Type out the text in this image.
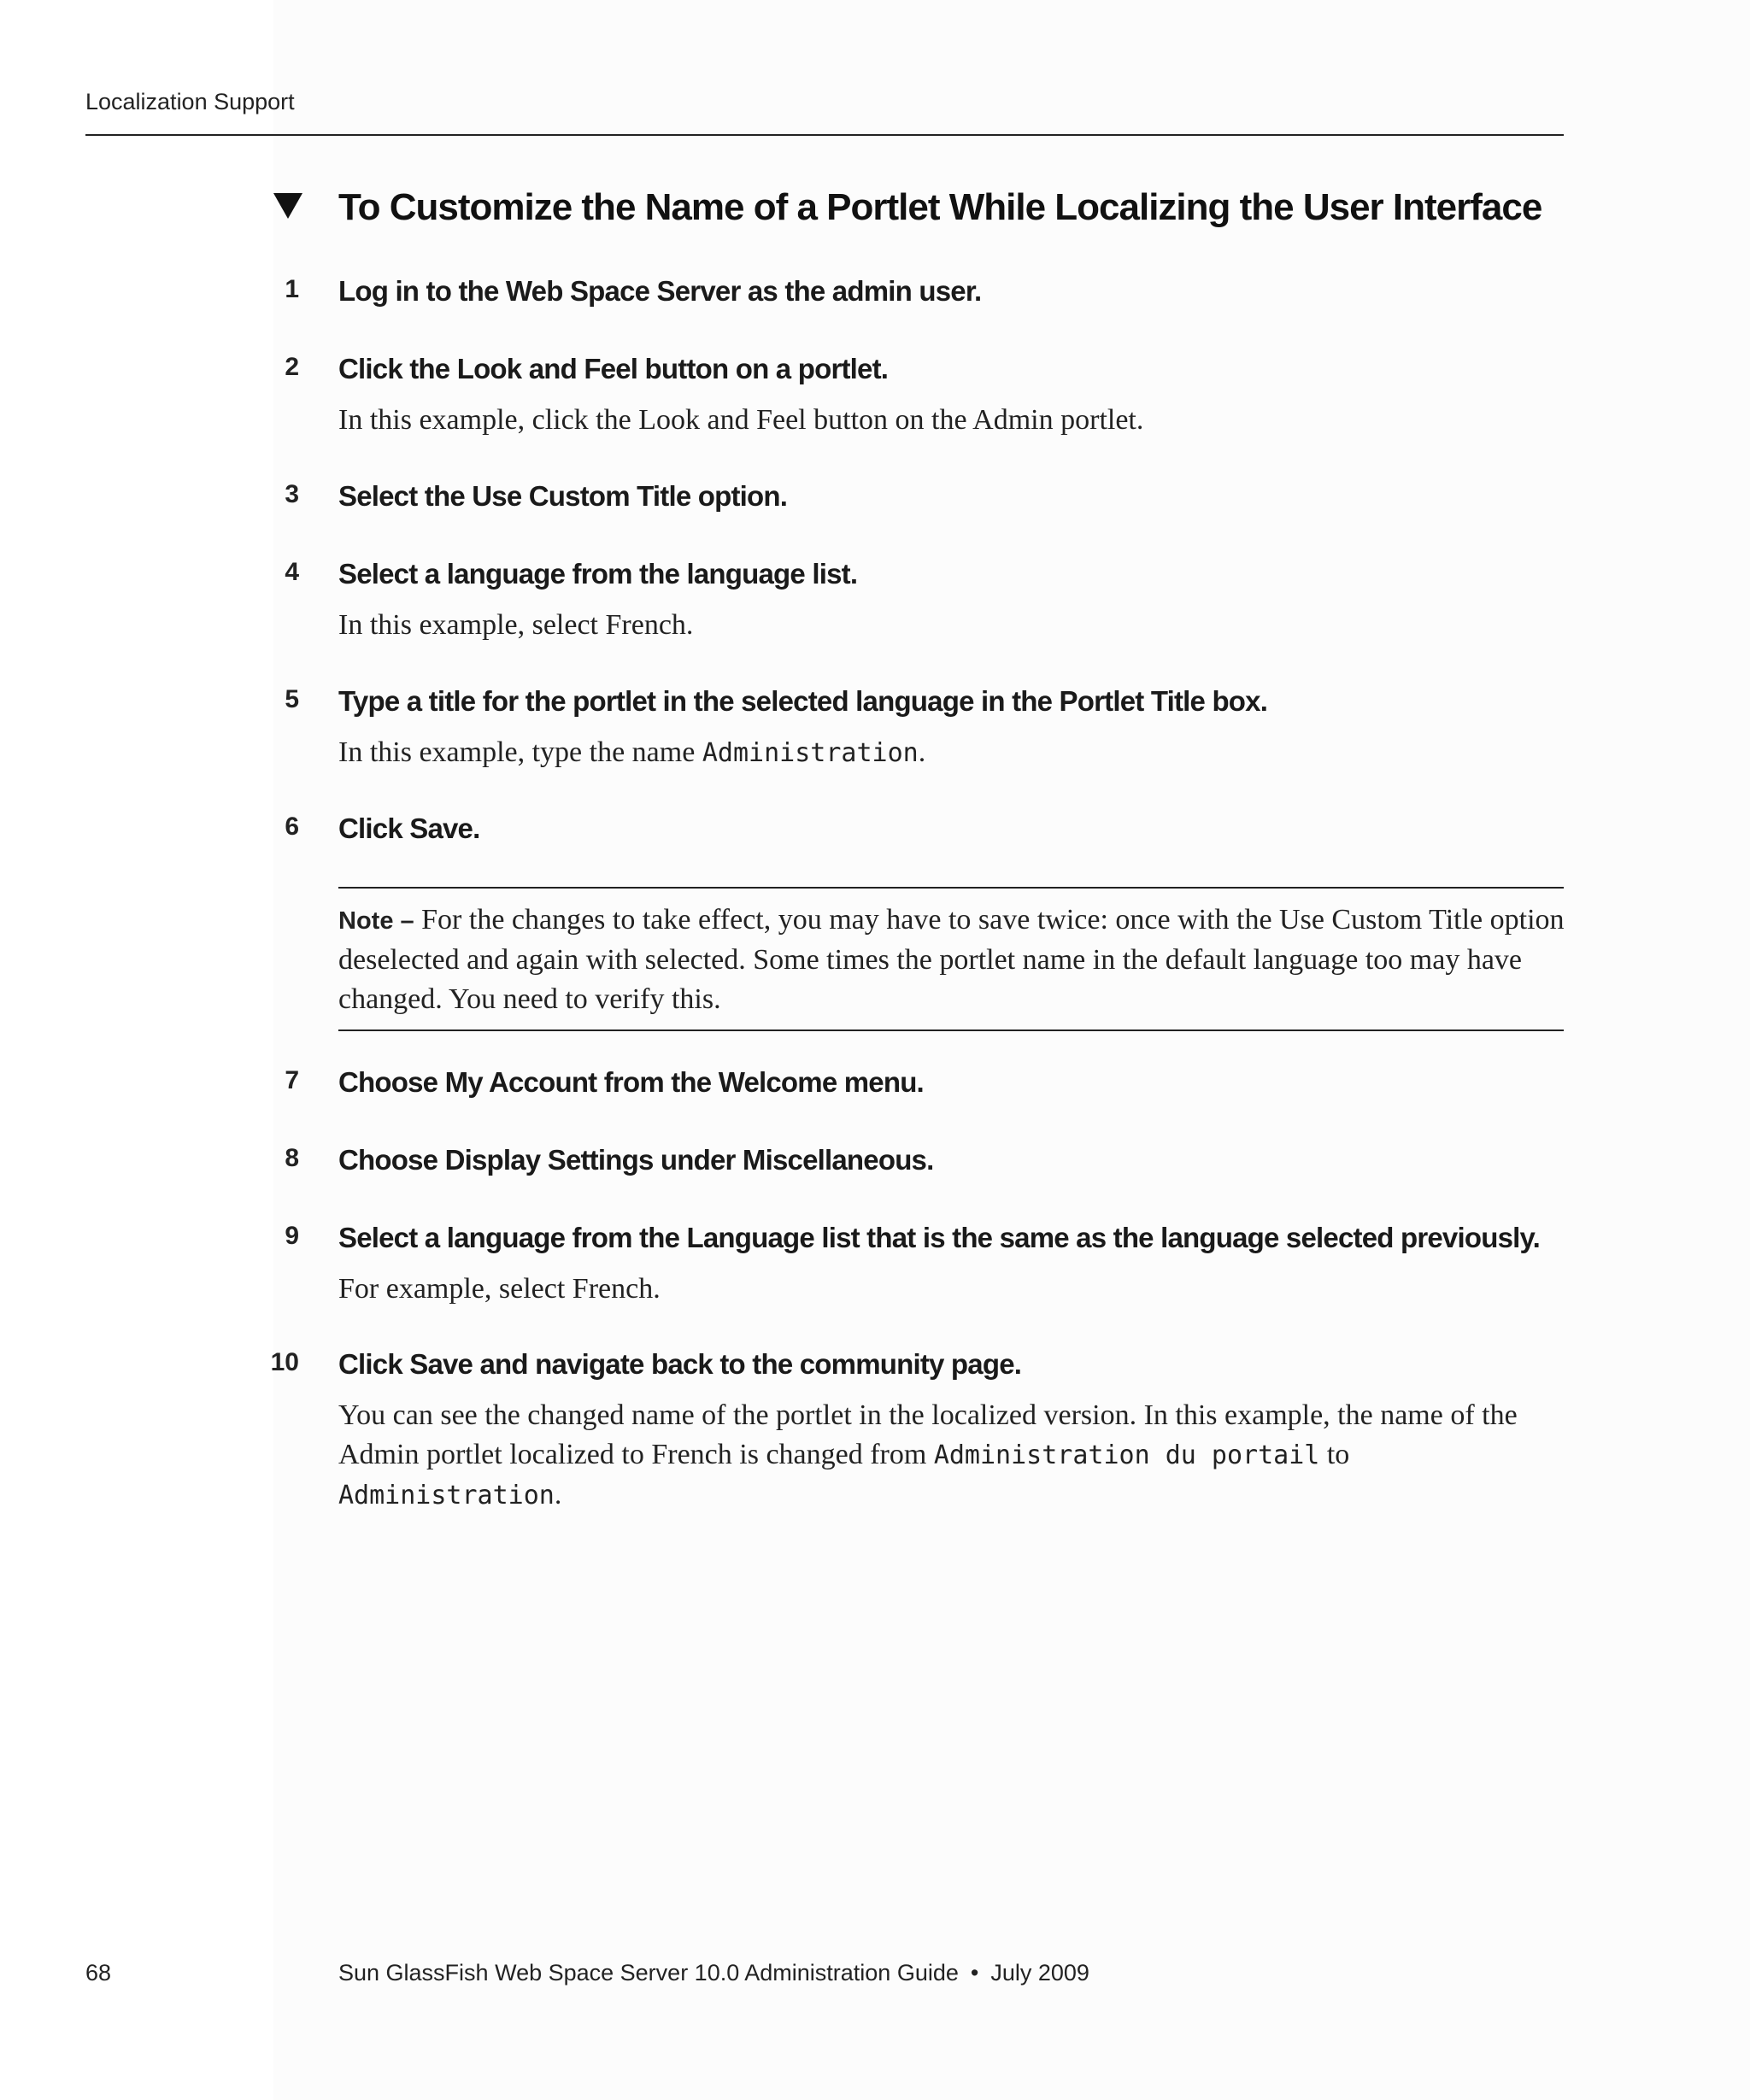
Localization Support
To Customize the Name of a Portlet While Localizing the User Interface
1 Log in to the Web Space Server as the admin user.
2 Click the Look and Feel button on a portlet.
In this example, click the Look and Feel button on the Admin portlet.
3 Select the Use Custom Title option.
4 Select a language from the language list.
In this example, select French.
5 Type a title for the portlet in the selected language in the Portlet Title box.
In this example, type the name Administration.
6 Click Save.
Note – For the changes to take effect, you may have to save twice: once with the Use Custom Title option deselected and again with selected. Some times the portlet name in the default language too may have changed. You need to verify this.
7 Choose My Account from the Welcome menu.
8 Choose Display Settings under Miscellaneous.
9 Select a language from the Language list that is the same as the language selected previously.
For example, select French.
10 Click Save and navigate back to the community page.
You can see the changed name of the portlet in the localized version. In this example, the name of the Admin portlet localized to French is changed from Administration du portail to Administration.
68	Sun GlassFish Web Space Server 10.0 Administration Guide • July 2009
